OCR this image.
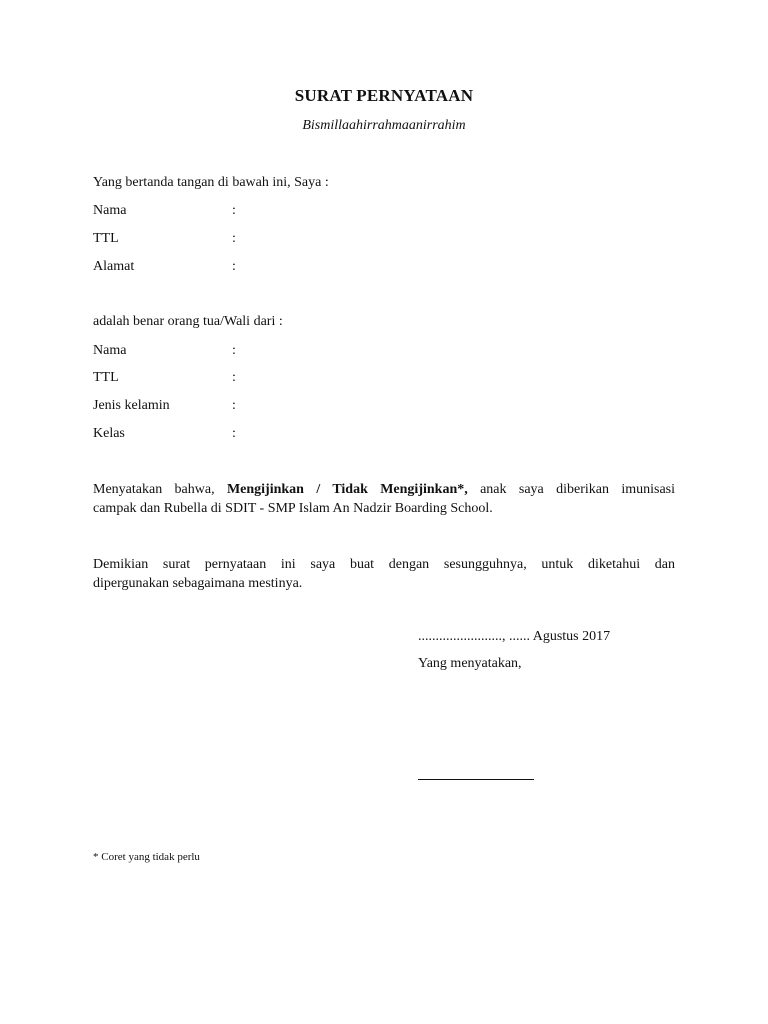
SURAT PERNYATAAN
Bismillaahirrahmaanirrahim
Yang bertanda tangan di bawah ini, Saya :
Nama	:
TTL	:
Alamat	:
adalah benar orang tua/Wali dari :
Nama	:
TTL	:
Jenis kelamin	:
Kelas	:
Menyatakan bahwa, Mengijinkan / Tidak Mengijinkan*, anak saya diberikan imunisasi
campak dan Rubella di SDIT - SMP Islam An Nadzir Boarding School.
Demikian surat pernyataan ini saya buat dengan sesungguhnya, untuk diketahui dan
dipergunakan sebagaimana mestinya.
........................, ...... Agustus 2017
Yang menyatakan,
* Coret yang tidak perlu
